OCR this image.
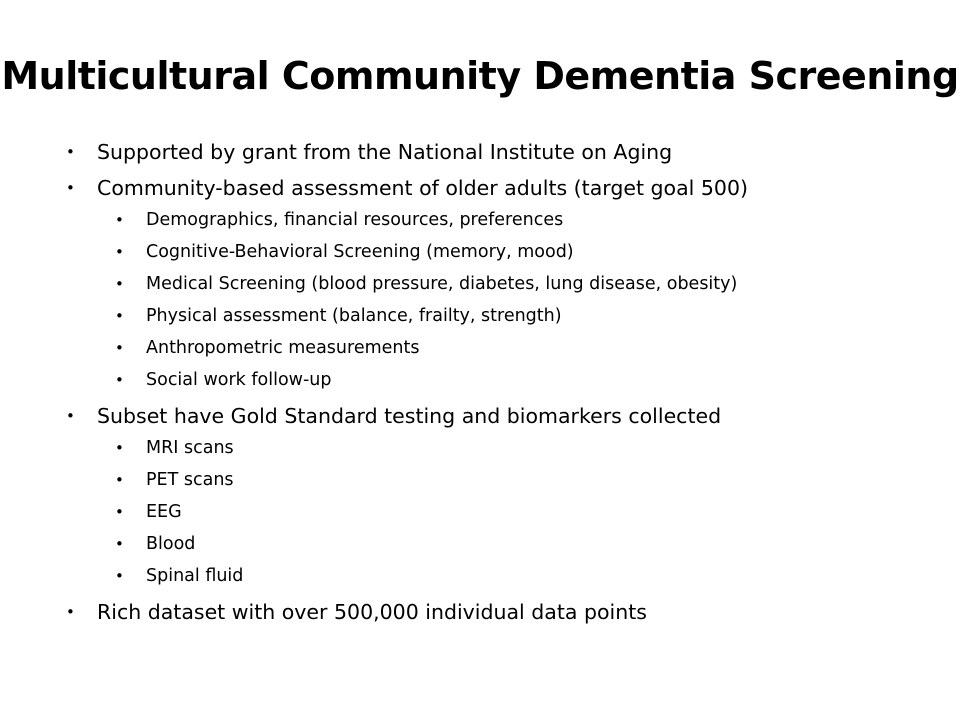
Multicultural Community Dementia Screening
• Supported by grant from the National Institute on Aging
• Community-based assessment of older adults (target goal 500)
• Demographics, financial resources, preferences
• Cognitive-Behavioral Screening (memory, mood)
• Medical Screening (blood pressure, diabetes, lung disease, obesity)
• Physical assessment (balance, frailty, strength)
• Anthropometric measurements
• Social work follow-up
• Subset have Gold Standard testing and biomarkers collected
• MRI scans
• PET scans
• EEG
• Blood
• Spinal fluid
• Rich dataset with over 500,000 individual data points
